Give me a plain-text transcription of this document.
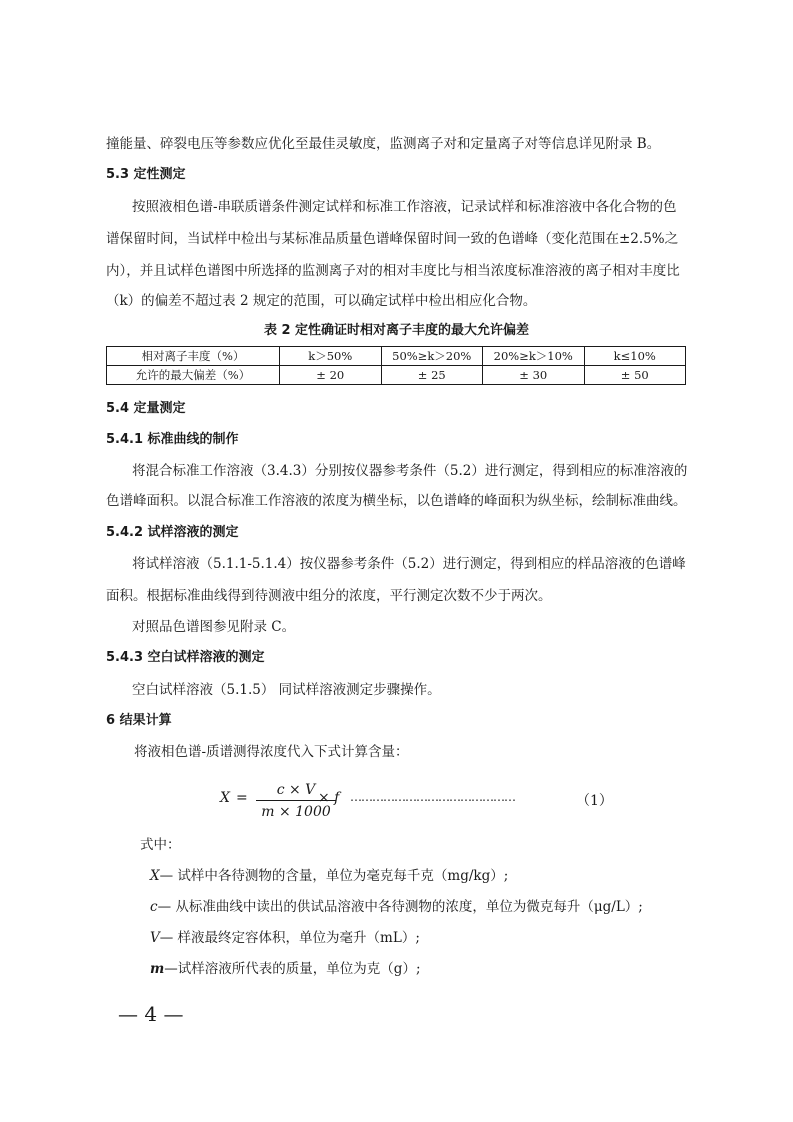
撞能量、碎裂电压等参数应优化至最佳灵敏度，监测离子对和定量离子对等信息详见附录 B。
5.3 定性测定
按照液相色谱-串联质谱条件测定试样和标准工作溶液，记录试样和标准溶液中各化合物的色
谱保留时间，当试样中检出与某标准品质量色谱峰保留时间一致的色谱峰（变化范围在±2.5%之
内），并且试样色谱图中所选择的监测离子对的相对丰度比与相当浓度标准溶液的离子相对丰度比
（k）的偏差不超过表 2 规定的范围，可以确定试样中检出相应化合物。
表 2 定性确证时相对离子丰度的最大允许偏差
相对离子丰度（%）	k＞50%	50%≥k＞20%	20%≥k＞10%	k≤10%
允许的最大偏差（%）	± 20	± 25	± 30	± 50
5.4 定量测定
5.4.1 标准曲线的制作
将混合标准工作溶液（3.4.3）分别按仪器参考条件（5.2）进行测定，得到相应的标准溶液的
色谱峰面积。以混合标准工作溶液的浓度为横坐标，以色谱峰的峰面积为纵坐标，绘制标准曲线。
5.4.2 试样溶液的测定
将试样溶液（5.1.1-5.1.4）按仪器参考条件（5.2）进行测定，得到相应的样品溶液的色谱峰
面积。根据标准曲线得到待测液中组分的浓度，平行测定次数不少于两次。
对照品色谱图参见附录 C。
5.4.3 空白试样溶液的测定
空白试样溶液（5.1.5） 同试样溶液测定步骤操作。
6 结果计算
将液相色谱-质谱测得浓度代入下式计算含量：
$X = \frac{c \times V}{m \times 1000}$
× f ………………………………………	（1）
式中：
X— 试样中各待测物的含量，单位为毫克每千克（mg/kg）;
c— 从标准曲线中读出的供试品溶液中各待测物的浓度，单位为微克每升（μg/L）;
V— 样液最终定容体积，单位为毫升（mL）;
m—试样溶液所代表的质量，单位为克（g）;
— 4 —
